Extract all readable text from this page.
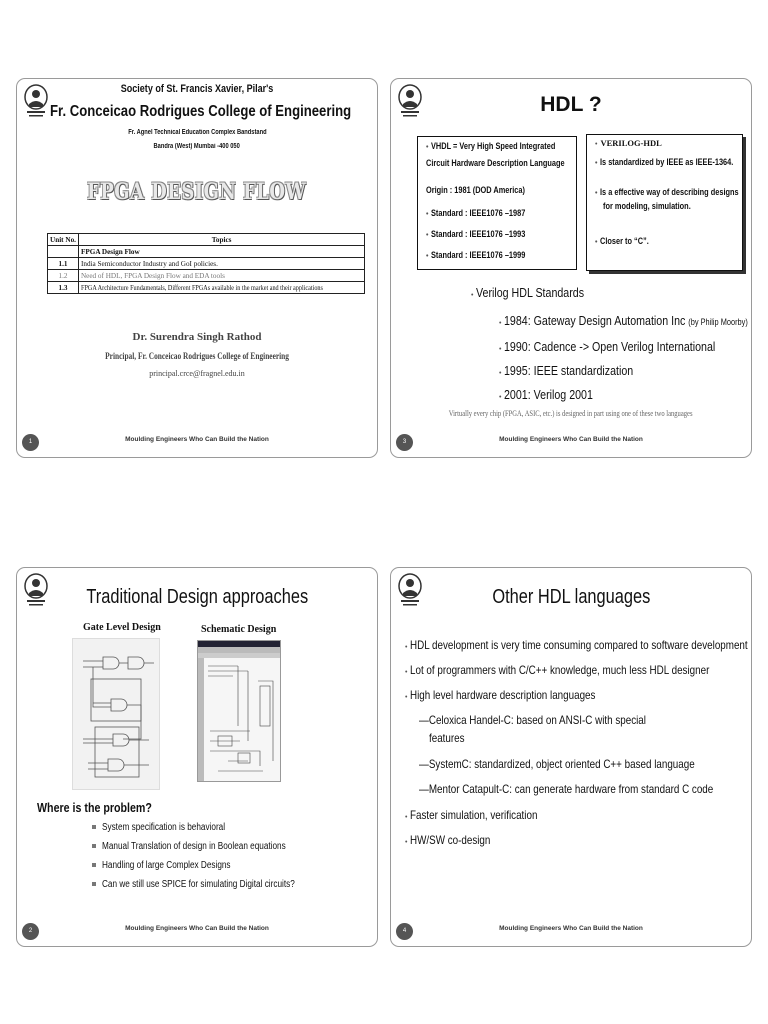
Society of St. Francis Xavier, Pilar's
Fr. Conceicao Rodrigues College of Engineering
Fr. Agnel Technical Education Complex Bandstand
Bandra (West) Mumbai -400 050
FPGA DESIGN FLOW
Unit No.	Topics
	FPGA Design Flow
1.1	India Semiconductor Industry and GoI policies.
1.2	Need of HDL, FPGA Design Flow and EDA tools
1.3	FPGA Architecture Fundamentals, Different FPGAs available in the market and their applications
Dr. Surendra Singh Rathod
Principal, Fr. Conceicao Rodrigues College of Engineering
principal.crce@fragnel.edu.in
Moulding Engineers Who Can Build the Nation
1
HDL ?
• VHDL = Very High Speed Integrated
Circuit Hardware Description Language
Origin : 1981 (DOD America)
• Standard : IEEE1076 –1987
• Standard : IEEE1076 –1993
• Standard : IEEE1076 –1999
• VERILOG-HDL
• Is standardized by IEEE as IEEE-1364.
• Is a effective way of describing designs
for modeling, simulation.
• Closer to “C”.
• Verilog HDL Standards
• 1984: Gateway Design Automation Inc (by Philip Moorby)
• 1990: Cadence -> Open Verilog International
• 1995: IEEE standardization
• 2001: Verilog 2001
Virtually every chip (FPGA, ASIC, etc.) is designed in part using one of these two languages
Moulding Engineers Who Can Build the Nation
3
Traditional Design approaches
Gate Level Design	Schematic Design
Where is the problem?
System specification is behavioral
Manual Translation of design in Boolean equations
Handling of large Complex Designs
Can we still use SPICE for simulating Digital circuits?
Moulding Engineers Who Can Build the Nation
2
Other HDL languages
• HDL development is very time consuming compared to software development
• Lot of programmers with C/C++ knowledge, much less HDL designer
• High level hardware description languages
—Celoxica Handel-C: based on ANSI-C with special
features
—SystemC: standardized, object oriented C++ based language
—Mentor Catapult-C: can generate hardware from standard C code
• Faster simulation, verification
• HW/SW co-design
Moulding Engineers Who Can Build the Nation
4
